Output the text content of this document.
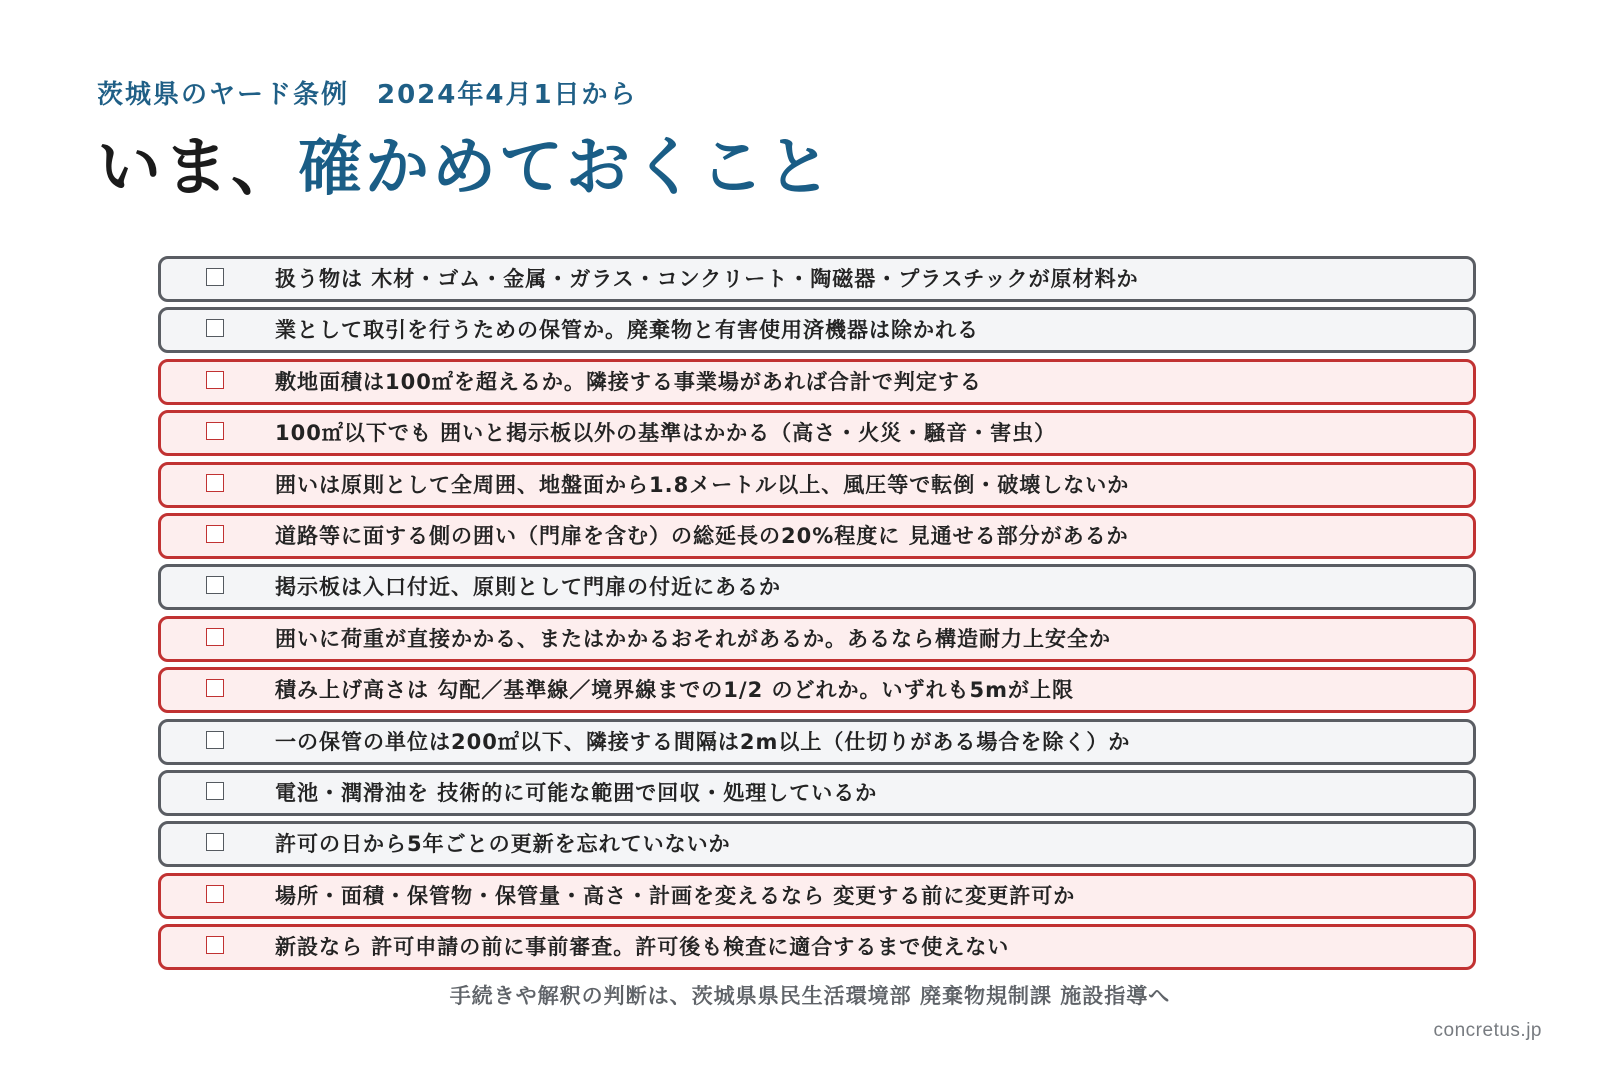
茨城県のヤード条例　2024年4月1日から
いま、確かめておくこと
扱う物は 木材・ゴム・金属・ガラス・コンクリート・陶磁器・プラスチックが原材料か
業として取引を行うための保管か。廃棄物と有害使用済機器は除かれる
敷地面積は100㎡を超えるか。隣接する事業場があれば合計で判定する
100㎡以下でも 囲いと掲示板以外の基準はかかる（高さ・火災・騒音・害虫）
囲いは原則として全周囲、地盤面から1.8メートル以上、風圧等で転倒・破壊しないか
道路等に面する側の囲い（門扉を含む）の総延長の20%程度に 見通せる部分があるか
掲示板は入口付近、原則として門扉の付近にあるか
囲いに荷重が直接かかる、またはかかるおそれがあるか。あるなら構造耐力上安全か
積み上げ高さは 勾配／基準線／境界線までの1/2 のどれか。いずれも5mが上限
一の保管の単位は200㎡以下、隣接する間隔は2m以上（仕切りがある場合を除く）か
電池・潤滑油を 技術的に可能な範囲で回収・処理しているか
許可の日から5年ごとの更新を忘れていないか
場所・面積・保管物・保管量・高さ・計画を変えるなら 変更する前に変更許可か
新設なら 許可申請の前に事前審査。許可後も検査に適合するまで使えない
手続きや解釈の判断は、茨城県県民生活環境部 廃棄物規制課 施設指導へ
concretus.jp
